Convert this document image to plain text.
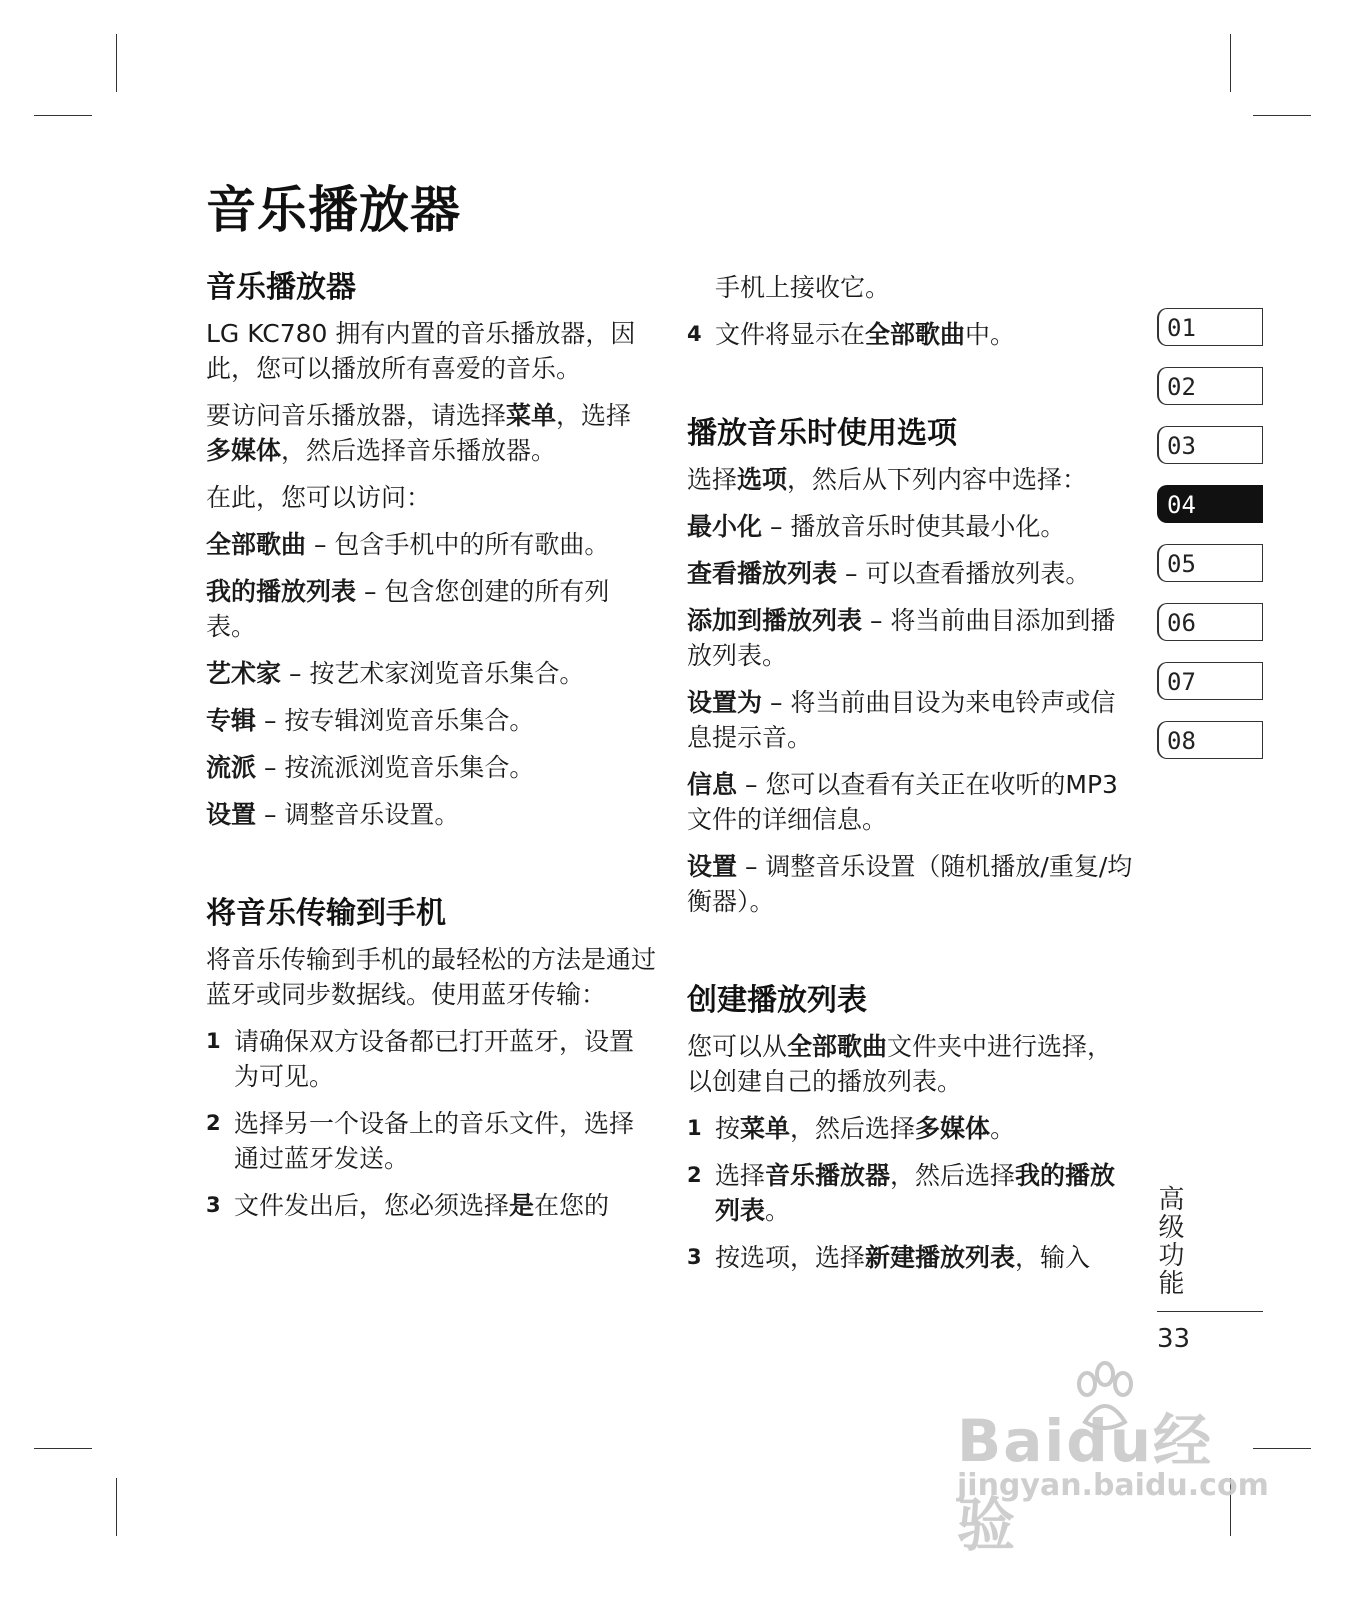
音乐播放器
音乐播放器

LG KC780 拥有内置的音乐播放器，因此，您可以播放所有喜爱的音乐。

要访问音乐播放器，请选择菜单，选择多媒体，然后选择音乐播放器。

在此，您可以访问：

全部歌曲 – 包含手机中的所有歌曲。

我的播放列表 – 包含您创建的所有列表。

艺术家 – 按艺术家浏览音乐集合。

专辑 – 按专辑浏览音乐集合。

流派 – 按流派浏览音乐集合。

设置 – 调整音乐设置。

将音乐传输到手机

将音乐传输到手机的最轻松的方法是通过蓝牙或同步数据线。使用蓝牙传输：

1 请确保双方设备都已打开蓝牙，设置为可见。
2 选择另一个设备上的音乐文件，选择通过蓝牙发送。
3 文件发出后，您必须选择是在您的

手机上接收它。

4 文件将显示在全部歌曲中。
播放音乐时使用选项

选择选项，然后从下列内容中选择：

最小化 – 播放音乐时使其最小化。

查看播放列表 – 可以查看播放列表。

添加到播放列表 – 将当前曲目添加到播放列表。

设置为 – 将当前曲目设为来电铃声或信息提示音。

信息 – 您可以查看有关正在收听的MP3 文件的详细信息。

设置 – 调整音乐设置（随机播放/重复/均衡器）。

创建播放列表

您可以从全部歌曲文件夹中进行选择，以创建自己的播放列表。

1 按菜单，然后选择多媒体。
2 选择音乐播放器，然后选择我的播放列表。
3 按选项，选择新建播放列表，输入
01
02
03
04
05
06
07
08
高级功能
33
Baidu经验
jingyan.baidu.com
